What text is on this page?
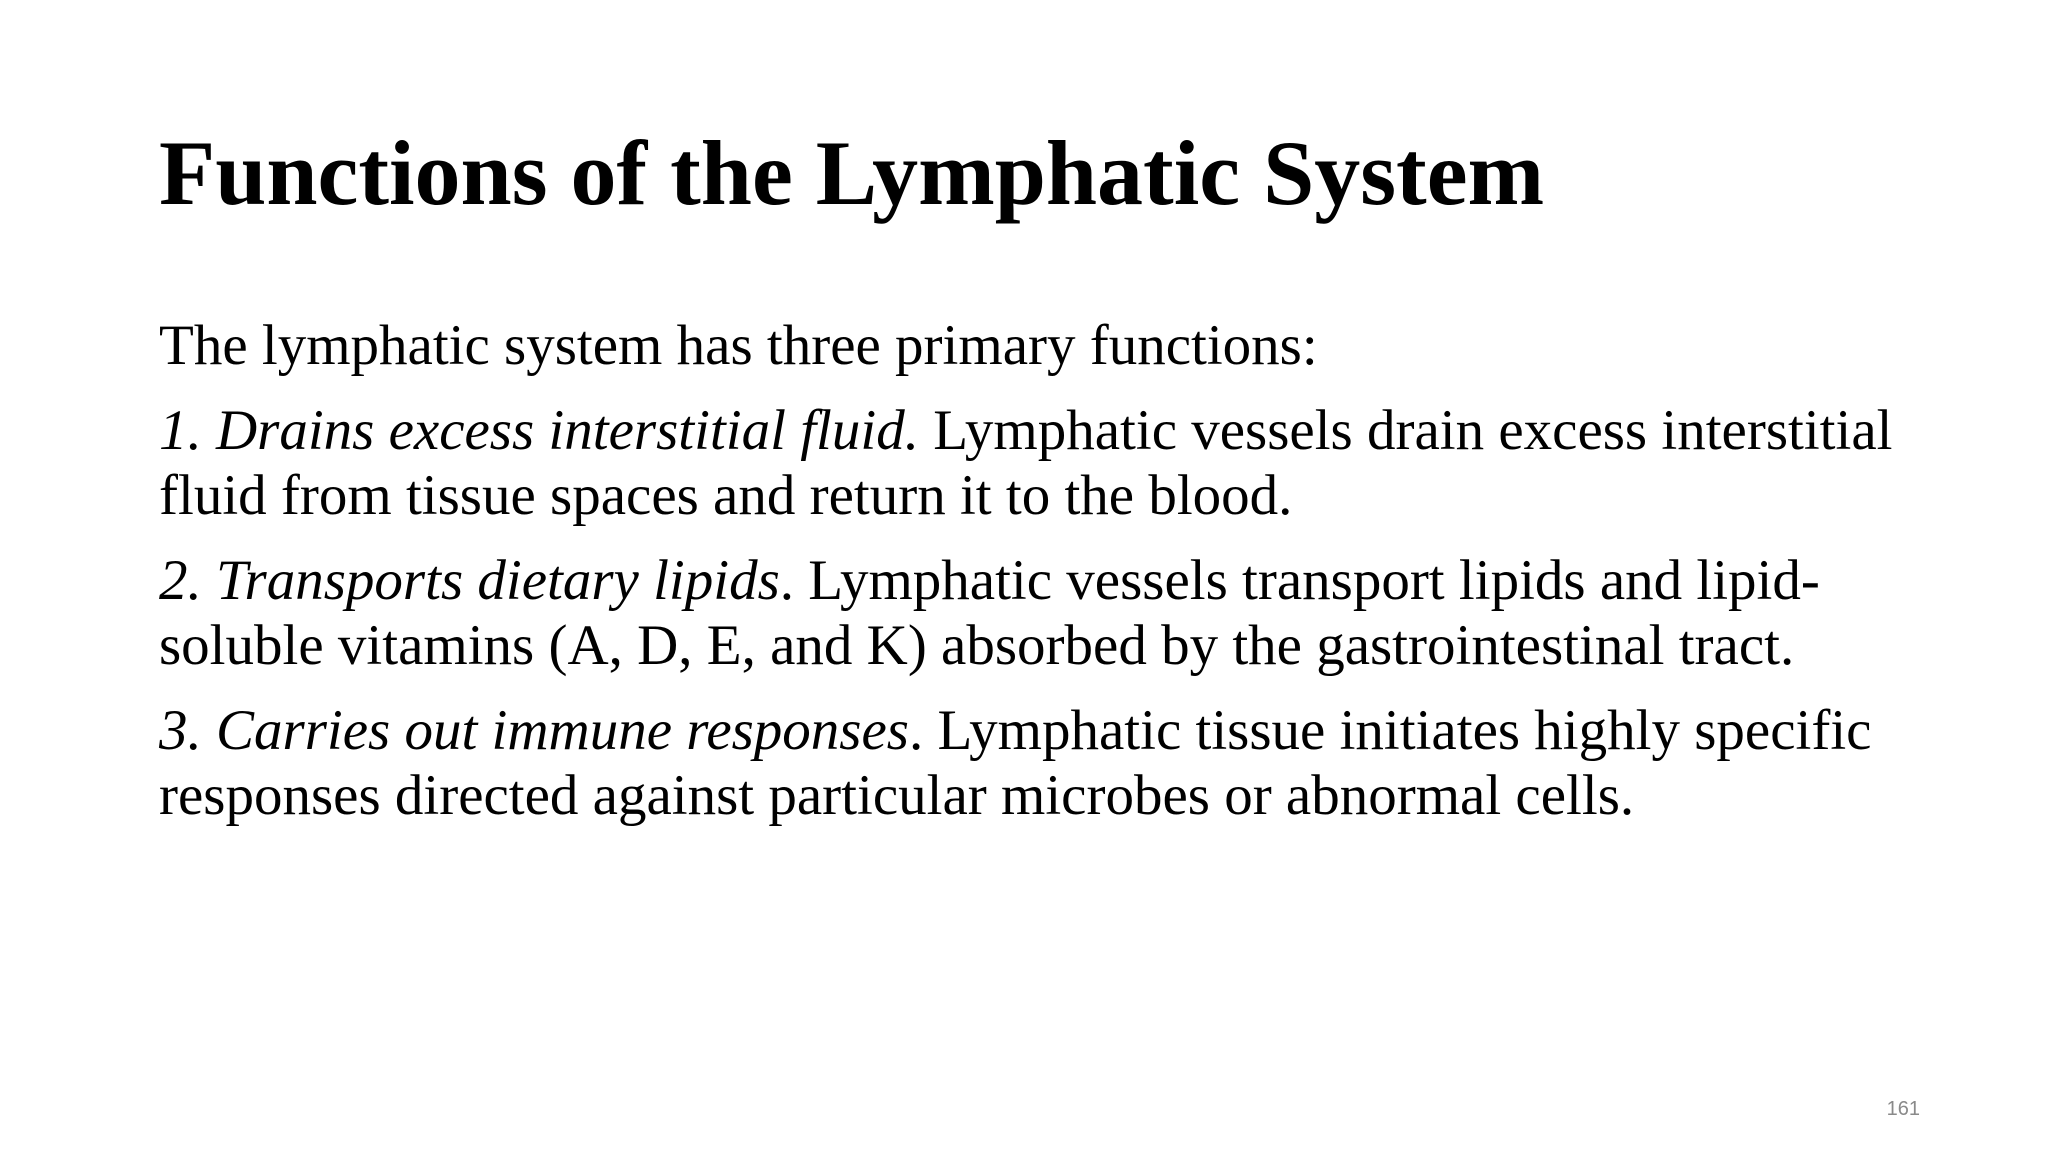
Functions of the Lymphatic System

The lymphatic system has three primary functions:

1. Drains excess interstitial fluid. Lymphatic vessels drain excess interstitial fluid from tissue spaces and return it to the blood.

2. Transports dietary lipids. Lymphatic vessels transport lipids and lipid-soluble vitamins (A, D, E, and K) absorbed by the gastrointestinal tract.

3. Carries out immune responses. Lymphatic tissue initiates highly specific responses directed against particular microbes or abnormal cells.

161
